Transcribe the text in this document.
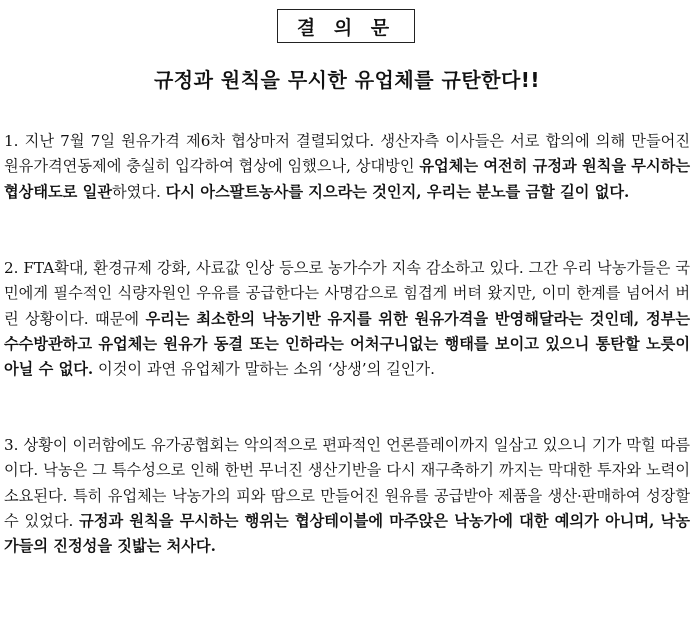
결 의 문
규정과 원칙을 무시한 유업체를 규탄한다!!
1. 지난 7월 7일 원유가격 제6차 협상마저 결렬되었다. 생산자측 이사들은 서로 합의에 의해 만들어진 원유가격연동제에 충실히 입각하여 협상에 임했으나, 상대방인 유업체는 여전히 규정과 원칙을 무시하는 협상태도로 일관하였다. 다시 아스팔트농사를 지으라는 것인지, 우리는 분노를 금할 길이 없다.
2. FTA확대, 환경규제 강화, 사료값 인상 등으로 농가수가 지속 감소하고 있다. 그간 우리 낙농가들은 국민에게 필수적인 식량자원인 우유를 공급한다는 사명감으로 힘겹게 버텨 왔지만, 이미 한계를 넘어서 버린 상황이다. 때문에 우리는 최소한의 낙농기반 유지를 위한 원유가격을 반영해달라는 것인데, 정부는 수수방관하고 유업체는 원유가 동결 또는 인하라는 어처구니없는 행태를 보이고 있으니 통탄할 노릇이 아닐 수 없다. 이것이 과연 유업체가 말하는 소위 ‘상생’의 길인가.
3. 상황이 이러함에도 유가공협회는 악의적으로 편파적인 언론플레이까지 일삼고 있으니 기가 막힐 따름이다. 낙농은 그 특수성으로 인해 한번 무너진 생산기반을 다시 재구축하기 까지는 막대한 투자와 노력이 소요된다. 특히 유업체는 낙농가의 피와 땀으로 만들어진 원유를 공급받아 제품을 생산·판매하여 성장할 수 있었다. 규정과 원칙을 무시하는 행위는 협상테이블에 마주앉은 낙농가에 대한 예의가 아니며, 낙농가들의 진정성을 짓밟는 처사다.
